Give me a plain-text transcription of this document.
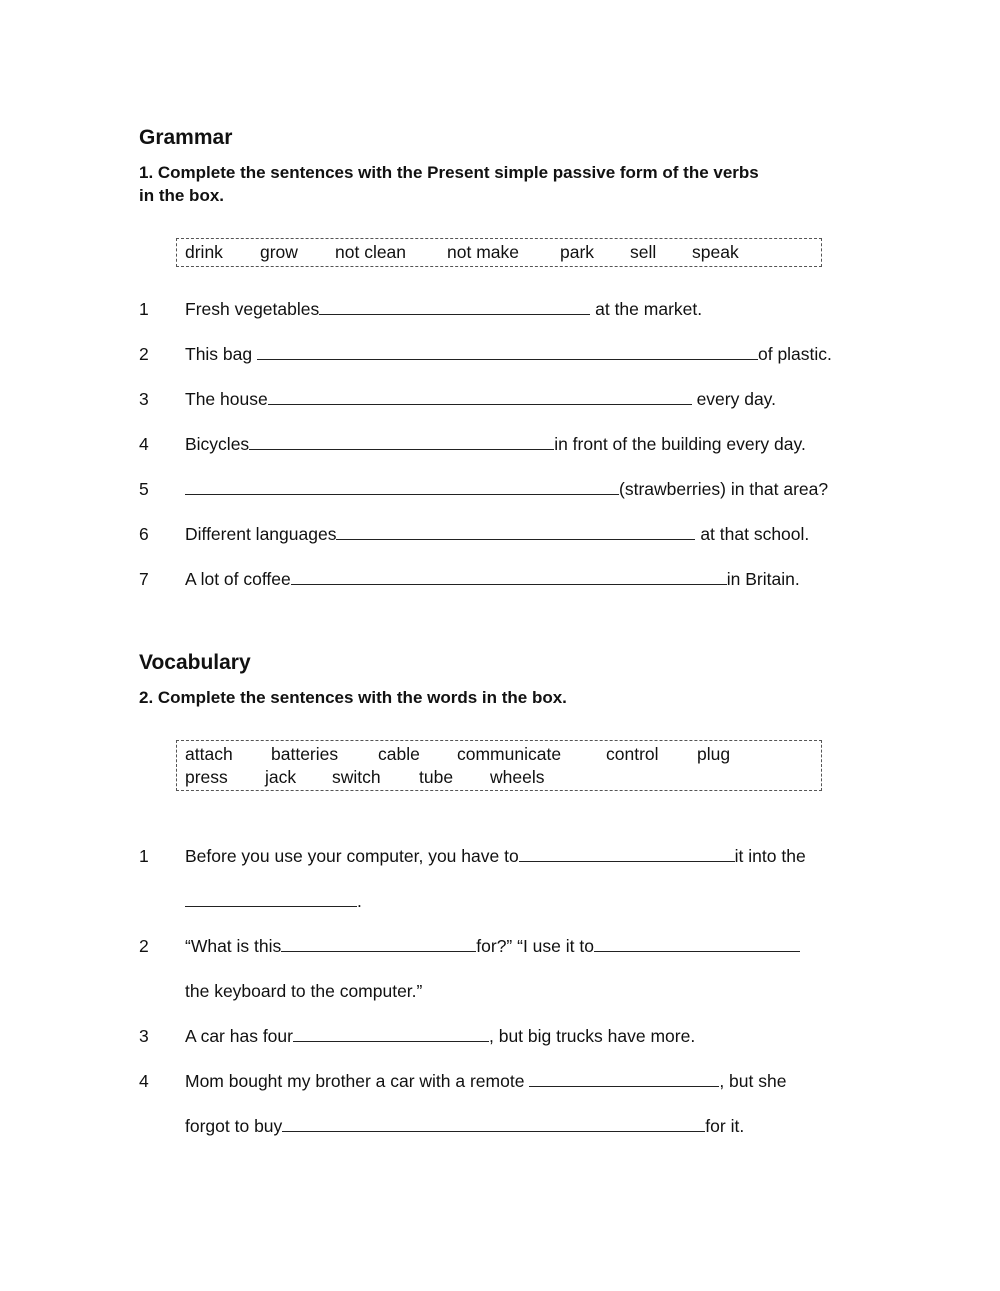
Grammar
1. Complete the sentences with the Present simple passive form of the verbs
in the box.
drink grow not clean not make park sell speak
1 Fresh vegetables	at the market.
2 This bag	of plastic.
3 The house	every day.
4 Bicycles	in front of the building every day.
5	(strawberries) in that area?
6 Different languages	at that school.
7 A lot of coffee	in Britain.
Vocabulary
2. Complete the sentences with the words in the box.
attach batteries cable communicate	control plug
press jack switch tube wheels
1 Before you use your computer, you have to	it into the
.
2 “What is this	for?” “I use it to
the keyboard to the computer.”
3 A car has four	, but big trucks have more.
4 Mom bought my brother a car with a remote	, but she
forgot to buy	for it.
